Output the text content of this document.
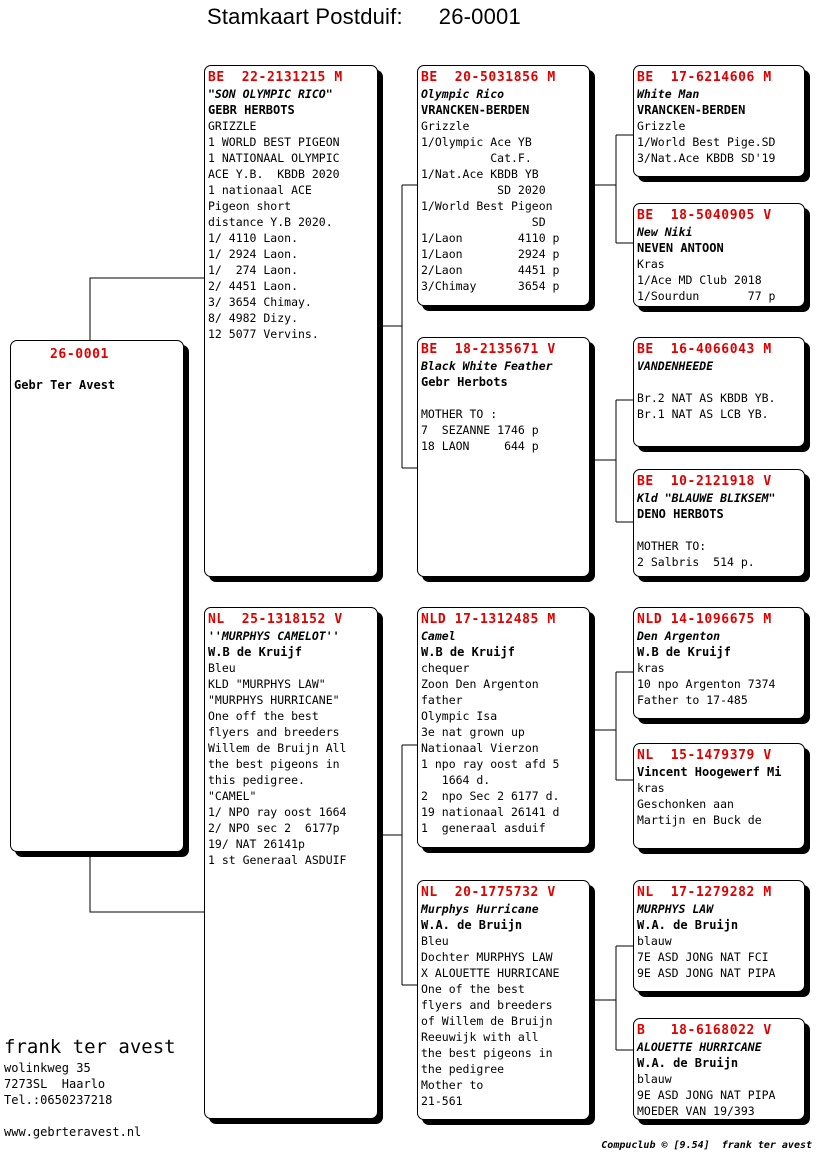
Stamkaart Postduif: 26-0001
26-0001
Gebr Ter Avest
BE  22-2131215 M
"SON OLYMPIC RICO"
GEBR HERBOTS
GRIZZLE
1 WORLD BEST PIGEON
1 NATIONAAL OLYMPIC
ACE Y.B.  KBDB 2020
1 nationaal ACE
Pigeon short
distance Y.B 2020.
1/ 4110 Laon.
1/ 2924 Laon.
1/  274 Laon.
2/ 4451 Laon.
3/ 3654 Chimay.
8/ 4982 Dizy.
12 5077 Vervins.
NL  25-1318152 V
''MURPHYS CAMELOT''
W.B de Kruijf
Bleu
KLD "MURPHYS LAW"
"MURPHYS HURRICANE"
One off the best
flyers and breeders
Willem de Bruijn All
the best pigeons in
this pedigree.
"CAMEL"
1/ NPO ray oost 1664
2/ NPO sec 2  6177p
19/ NAT 26141p
1 st Generaal ASDUIF
BE  20-5031856 M
Olympic Rico
VRANCKEN-BERDEN
Grizzle
1/Olympic Ace YB
Cat.F.
1/Nat.Ace KBDB YB
SD 2020
1/World Best Pigeon
SD
1/Laon        4110 p
1/Laon        2924 p
2/Laon        4451 p
3/Chimay      3654 p
BE  18-2135671 V
Black White Feather
Gebr Herbots
MOTHER TO :
7  SEZANNE 1746 p
18 LAON     644 p
NLD 17-1312485 M
Camel
W.B de Kruijf
chequer
Zoon Den Argenton
father
Olympic Isa
3e nat grown up
Nationaal Vierzon
1 npo ray oost afd 5
1664 d.
2  npo Sec 2 6177 d.
19 nationaal 26141 d
1  generaal asduif
NL  20-1775732 V
Murphys Hurricane
W.A. de Bruijn
Bleu
Dochter MURPHYS LAW
X ALOUETTE HURRICANE
One of the best
flyers and breeders
of Willem de Bruijn
Reeuwijk with all
the best pigeons in
the pedigree
Mother to
21-561
BE  17-6214606 M
White Man
VRANCKEN-BERDEN
Grizzle
1/World Best Pige.SD
3/Nat.Ace KBDB SD'19
BE  18-5040905 V
New Niki
NEVEN ANTOON
Kras
1/Ace MD Club 2018
1/Sourdun       77 p
BE  16-4066043 M
VANDENHEEDE
Br.2 NAT AS KBDB YB.
Br.1 NAT AS LCB YB.
BE  10-2121918 V
Kld "BLAUWE BLIKSEM"
DENO HERBOTS
MOTHER TO:
2 Salbris  514 p.
NLD 14-1096675 M
Den Argenton
W.B de Kruijf
kras
10 npo Argenton 7374
Father to 17-485
NL  15-1479379 V
Vincent Hoogewerf Mi
kras
Geschonken aan
Martijn en Buck de
NL  17-1279282 M
MURPHYS LAW
W.A. de Bruijn
blauw
7E ASD JONG NAT FCI
9E ASD JONG NAT PIPA
B   18-6168022 V
ALOUETTE HURRICANE
W.A. de Bruijn
blauw
9E ASD JONG NAT PIPA
MOEDER VAN 19/393
frank ter avest
wolinkweg 35
7273SL  Haarlo
Tel.:0650237218
www.gebrteravest.nl
Compuclub © [9.54]  frank ter avest
